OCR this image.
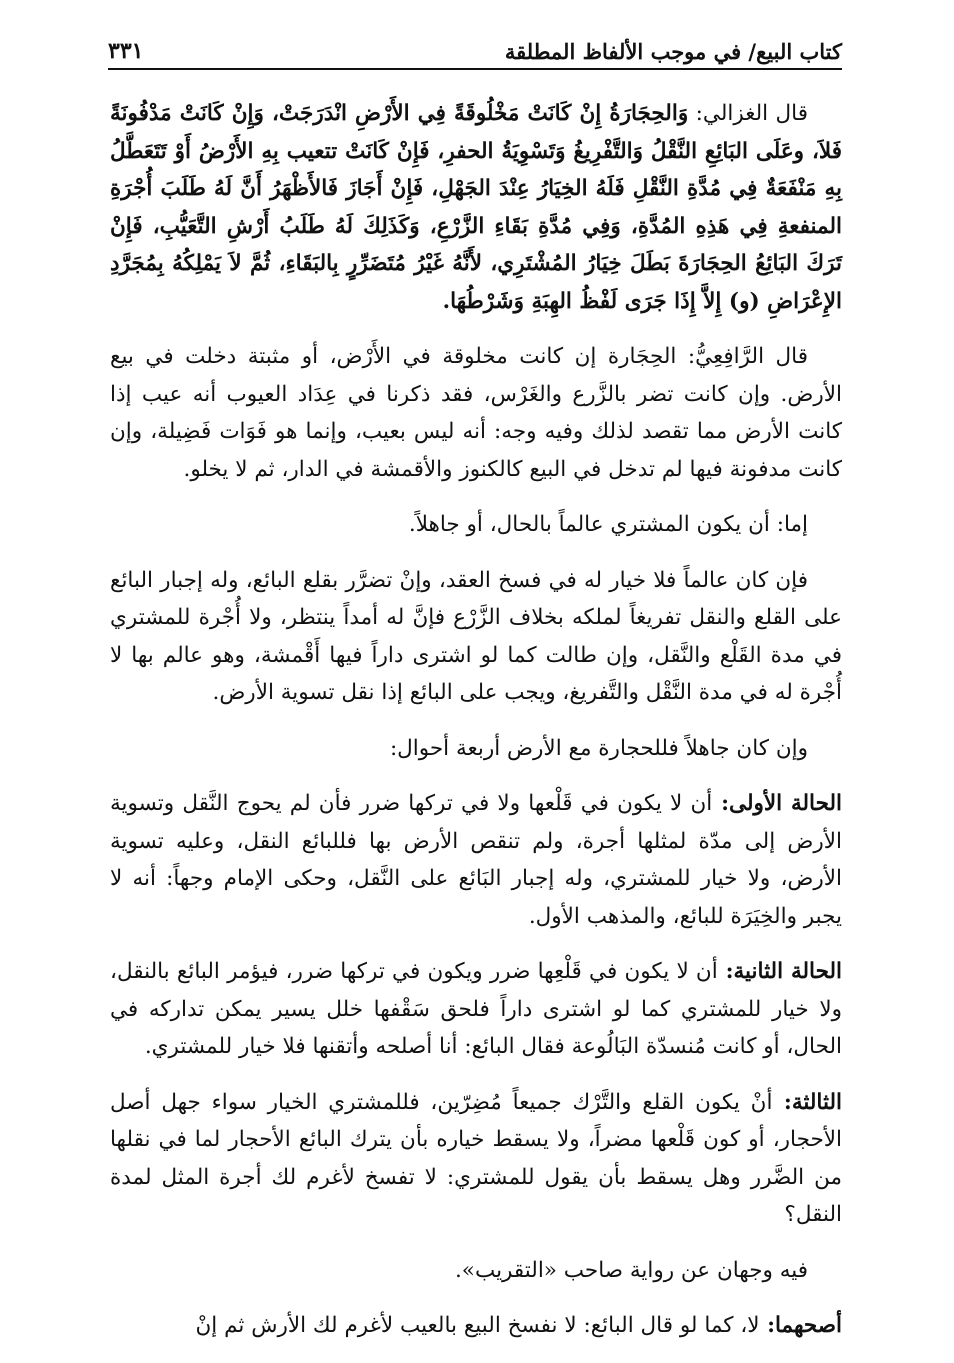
كتاب البيع/ في موجب الألفاظ المطلقة
٣٣١

قال الغزالي: وَالحِجَارَةُ إِنْ كَانَتْ مَخْلُوقَةً فِي الأَرْضِ انْدَرَجَتْ، وَإِنْ كَانَتْ مَدْفُونَةً فَلاَ، وعَلَى البَائِعِ النَّقْلُ وَالتَّفْرِيغُ وَتَسْوِيَةُ الحفرِ، فَإِنْ كَانَتْ تتعيب بِهِ الأَرْضُ أَوْ تَتَعَطَّلُ بِهِ مَنْفَعَةٌ فِي مُدَّةِ النَّقْلِ فَلَهُ الخِيَارُ عِنْدَ الجَهْلِ، فَإِنْ أَجَازَ فَالأَظْهَرُ أَنَّ لَهُ طَلَبَ أُجْرَةِ المنفعةِ فِي هَذِهِ المُدَّةِ، وَفِي مُدَّةِ بَقَاءِ الزَّرْعِ، وَكَذَلِكَ لَهُ طَلَبُ أَرْشِ التَّعَيُّبِ، فَإِنْ تَرَكَ البَائِعُ الحِجَارَةَ بَطَلَ خِيَارُ المُشْتَرِي، لأَنَّهُ غَيْرُ مُتَضَرِّرٍ بِالبَقَاءِ، ثُمَّ لاَ يَمْلِكُهُ بِمُجَرَّدِ الإِعْرَاضِ (و) إِلاَّ إِذَا جَرَى لَفْظُ الهِبَةِ وَشَرْطُهَا.

قال الرَّافِعِيُّ: الحِجَارة إن كانت مخلوقة في الأَرْض، أو مثبتة دخلت في بيع الأرض. وإن كانت تضر بالزَّرع والغَرْس، فقد ذكرنا في عِدَاد العيوب أنه عيب إذا كانت الأرض مما تقصد لذلك وفيه وجه: أنه ليس بعيب، وإنما هو فَوَات فَضِيلة، وإن كانت مدفونة فيها لم تدخل في البيع كالكنوز والأقمشة في الدار، ثم لا يخلو.

إما: أن يكون المشتري عالماً بالحال، أو جاهلاً.

فإن كان عالماً فلا خيار له في فسخ العقد، وإنْ تضرَّر بقلع البائع، وله إجبار البائع على القلع والنقل تفريغاً لملكه بخلاف الزَّرْع فإنَّ له أمداً ينتظر، ولا أُجْرة للمشتري في مدة القَلْع والنَّقل، وإن طالت كما لو اشترى داراً فيها أَقْمشة، وهو عالم بها لا أُجْرة له في مدة النَّقْل والتَّفريغ، ويجب على البائع إذا نقل تسوية الأرض.

وإن كان جاهلاً فللحجارة مع الأرض أربعة أحوال:

الحالة الأولى: أن لا يكون في قَلْعها ولا في تركها ضرر فأن لم يحوج النَّقل وتسوية الأرض إلى مدّة لمثلها أجرة، ولم تنقص الأرض بها فللبائع النقل، وعليه تسوية الأرض، ولا خيار للمشتري، وله إجبار البَائع على النَّقل، وحكى الإمام وجهاً: أنه لا يجبر والخِيَرَة للبائع، والمذهب الأول.

الحالة الثانية: أن لا يكون في قَلْعِها ضرر ويكون في تركها ضرر، فيؤمر البائع بالنقل، ولا خيار للمشتري كما لو اشترى داراً فلحق سَقْفها خلل يسير يمكن تداركه في الحال، أو كانت مُنسدّة البَالُوعة فقال البائع: أنا أصلحه وأتقنها فلا خيار للمشتري.

الثالثة: أنْ يكون القلع والتَّرْك جميعاً مُضِرّين، فللمشتري الخيار سواء جهل أصل الأحجار، أو كون قَلْعها مضراً، ولا يسقط خياره بأن يترك البائع الأحجار لما في نقلها من الضَّرر وهل يسقط بأن يقول للمشتري: لا تفسخ لأغرم لك أجرة المثل لمدة النقل؟

فيه وجهان عن رواية صاحب «التقريب».

أصحهما: لا، كما لو قال البائع: لا نفسخ البيع بالعيب لأغرم لك الأرش ثم إنْ
